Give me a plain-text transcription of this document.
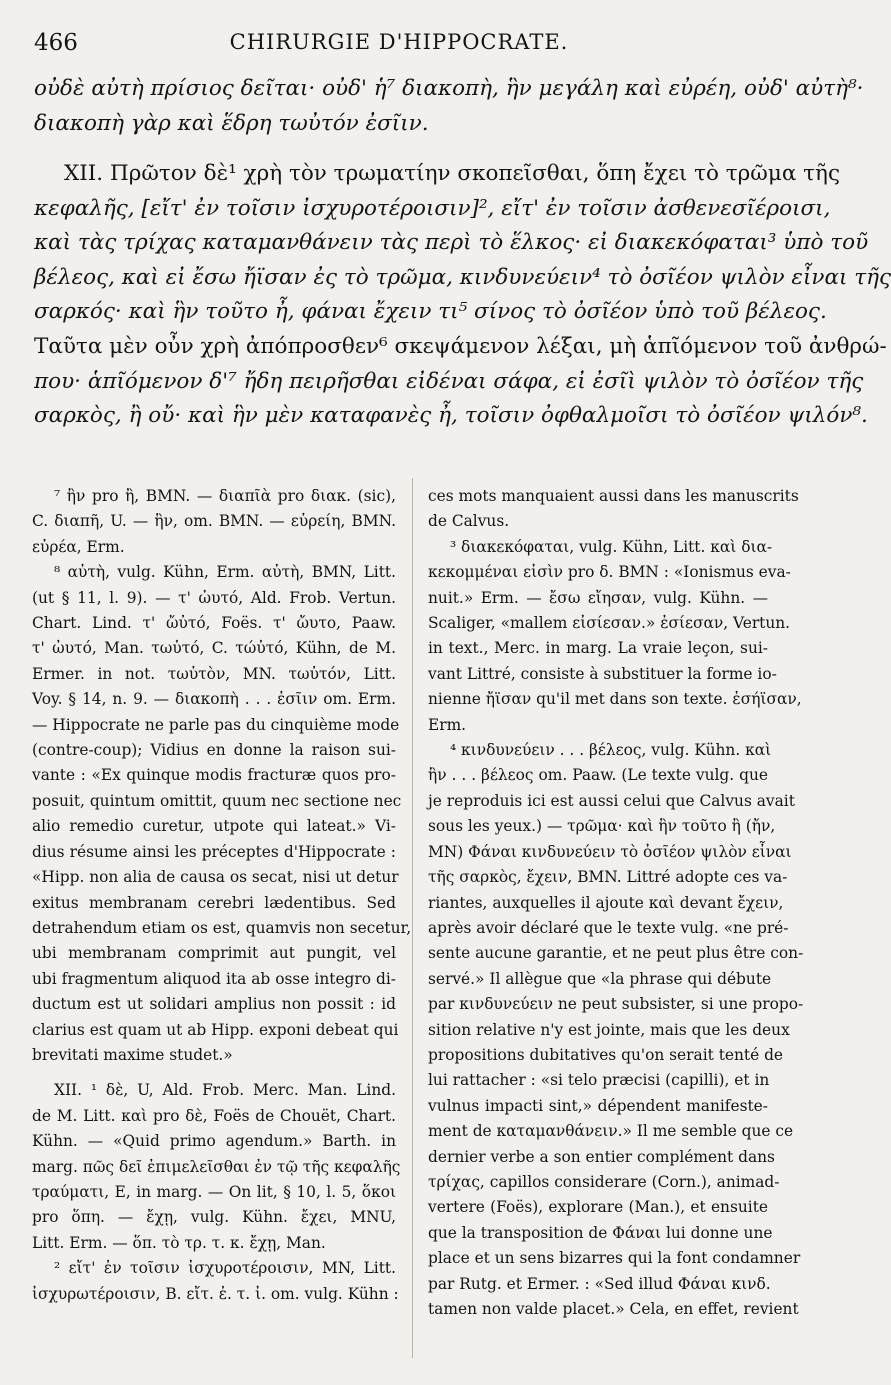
466	CHIRURGIE D'HIPPOCRATE.
οὐδὲ αὐτὴ πρίσιος δεῖται· οὐδ' ἡ⁷ διακοπὴ, ἣν μεγάλη καὶ εὐρέη, οὐδ' αὐτὴ⁸·
διακοπὴ γὰρ καὶ ἕδρη τωὐτόν ἐσῖιν.
XII. Πρῶτον δὲ¹ χρὴ τὸν τρωματίην σκοπεῖσθαι, ὅπη ἔχει τὸ τρῶμα τῆς
κεφαλῆς, [εἴτ' ἐν τοῖσιν ἰσχυροτέροισιν]², εἴτ' ἐν τοῖσιν ἀσθενεσῖέροισι,
καὶ τὰς τρίχας καταμανθάνειν τὰς περὶ τὸ ἕλκος· εἰ διακεκόφαται³ ὑπὸ τοῦ
βέλεος, καὶ εἰ ἔσω ἤϊσαν ἐς τὸ τρῶμα, κινδυνεύειν⁴ τὸ ὀσῖέον ψιλὸν εἶναι τῆς
σαρκός· καὶ ἣν τοῦτο ἦ, φάναι ἔχειν τι⁵ σίνος τὸ ὀσῖέον ὑπὸ τοῦ βέλεος.
Ταῦτα μὲν οὖν χρὴ ἀπόπροσθεν⁶ σκεψάμενον λέξαι, μὴ ἁπῖόμενον τοῦ ἀνθρώ-
που· ἁπῖόμενον δ'⁷ ἤδη πειρῆσθαι εἰδέναι σάφα, εἰ ἐσῖὶ ψιλὸν τὸ ὀσῖέον τῆς
σαρκὸς, ἢ οὔ· καὶ ἣν μὲν καταφανὲς ἦ, τοῖσιν ὀφθαλμοῖσι τὸ ὀσῖέον ψιλόν⁸.
⁷ ἣν pro ἢ, BMN. — διαπῖὰ pro διακ. (sic),
C. διαπῆ, U. — ἣν, om. BMN. — εὐρείη, BMN.
εὐρέα, Erm.
⁸ αὐτὴ, vulg. Kühn, Erm. αὐτὴ, BMN, Litt.
(ut § 11, l. 9). — τ' ὠυτό, Ald. Frob. Vertun.
Chart. Lind. τ' ὤὐτό, Foës. τ' ὤυτο, Paaw.
τ' ὠυτό, Man. τωὐτό, C. τώὐτό, Kühn, de M.
Ermer. in not. τωὐτὸν, MN. τωὐτόν, Litt.
Voy. § 14, n. 9. — διακοπὴ . . . ἐσῖιν om. Erm.
— Hippocrate ne parle pas du cinquième mode
(contre-coup); Vidius en donne la raison sui-
vante : «Ex quinque modis fracturæ quos pro-
posuit, quintum omittit, quum nec sectione nec
alio remedio curetur, utpote qui lateat.» Vi-
dius résume ainsi les préceptes d'Hippocrate :
«Hipp. non alia de causa os secat, nisi ut detur
exitus membranam cerebri lædentibus. Sed
detrahendum etiam os est, quamvis non secetur,
ubi membranam comprimit aut pungit, vel
ubi fragmentum aliquod ita ab osse integro di-
ductum est ut solidari amplius non possit : id
clarius est quam ut ab Hipp. exponi debeat qui
brevitati maxime studet.»
XII. ¹ δὲ, U, Ald. Frob. Merc. Man. Lind.
de M. Litt. καὶ pro δὲ, Foës de Chouët, Chart.
Kühn. — «Quid primo agendum.» Barth. in
marg. πῶς δεῖ ἐπιμελεῖσθαι ἐν τῷ τῆς κεφαλῆς
τραύματι, E, in marg. — On lit, § 10, l. 5, ὅκοι
pro ὅπη. — ἔχῃ, vulg. Kühn. ἔχει, MNU,
Litt. Erm. — ὅπ. τὸ τρ. τ. κ. ἔχῃ, Man.
² εἴτ' ἐν τοῖσιν ἰσχυροτέροισιν, MN, Litt.
ἰσχυρωτέροισιν, B. εἴτ. ἐ. τ. ἰ. om. vulg. Kühn :
ces mots manquaient aussi dans les manuscrits
de Calvus.
³ διακεκόφαται, vulg. Kühn, Litt. καὶ δια-
κεκομμέναι εἰσὶν pro δ. BMN : «Ionismus eva-
nuit.» Erm. — ἔσω εἴησαν, vulg. Kühn. —
Scaliger, «mallem εἰσίεσαν.» ἐσίεσαν, Vertun.
in text., Merc. in marg. La vraie leçon, sui-
vant Littré, consiste à substituer la forme io-
nienne ἤϊσαν qu'il met dans son texte. ἐσήϊσαν,
Erm.
⁴ κινδυνεύειν . . . βέλεος, vulg. Kühn. καὶ
ἣν . . . βέλεος om. Paaw. (Le texte vulg. que
je reproduis ici est aussi celui que Calvus avait
sous les yeux.) — τρῶμα· καὶ ἣν τοῦτο ἢ (ἤν,
MN) Φάναι κινδυνεύειν τὸ ὀσῖέον ψιλὸν εἶναι
τῆς σαρκὸς, ἔχειν, BMN. Littré adopte ces va-
riantes, auxquelles il ajoute καὶ devant ἔχειν,
après avoir déclaré que le texte vulg. «ne pré-
sente aucune garantie, et ne peut plus être con-
servé.» Il allègue que «la phrase qui débute
par κινδυνεύειν ne peut subsister, si une propo-
sition relative n'y est jointe, mais que les deux
propositions dubitatives qu'on serait tenté de
lui rattacher : «si telo præcisi (capilli), et in
vulnus impacti sint,» dépendent manifeste-
ment de καταμανθάνειν.» Il me semble que ce
dernier verbe a son entier complément dans
τρίχας, capillos considerare (Corn.), animad-
vertere (Foës), explorare (Man.), et ensuite
que la transposition de Φάναι lui donne une
place et un sens bizarres qui la font condamner
par Rutg. et Ermer. : «Sed illud Φάναι κινδ.
tamen non valde placet.» Cela, en effet, revient
